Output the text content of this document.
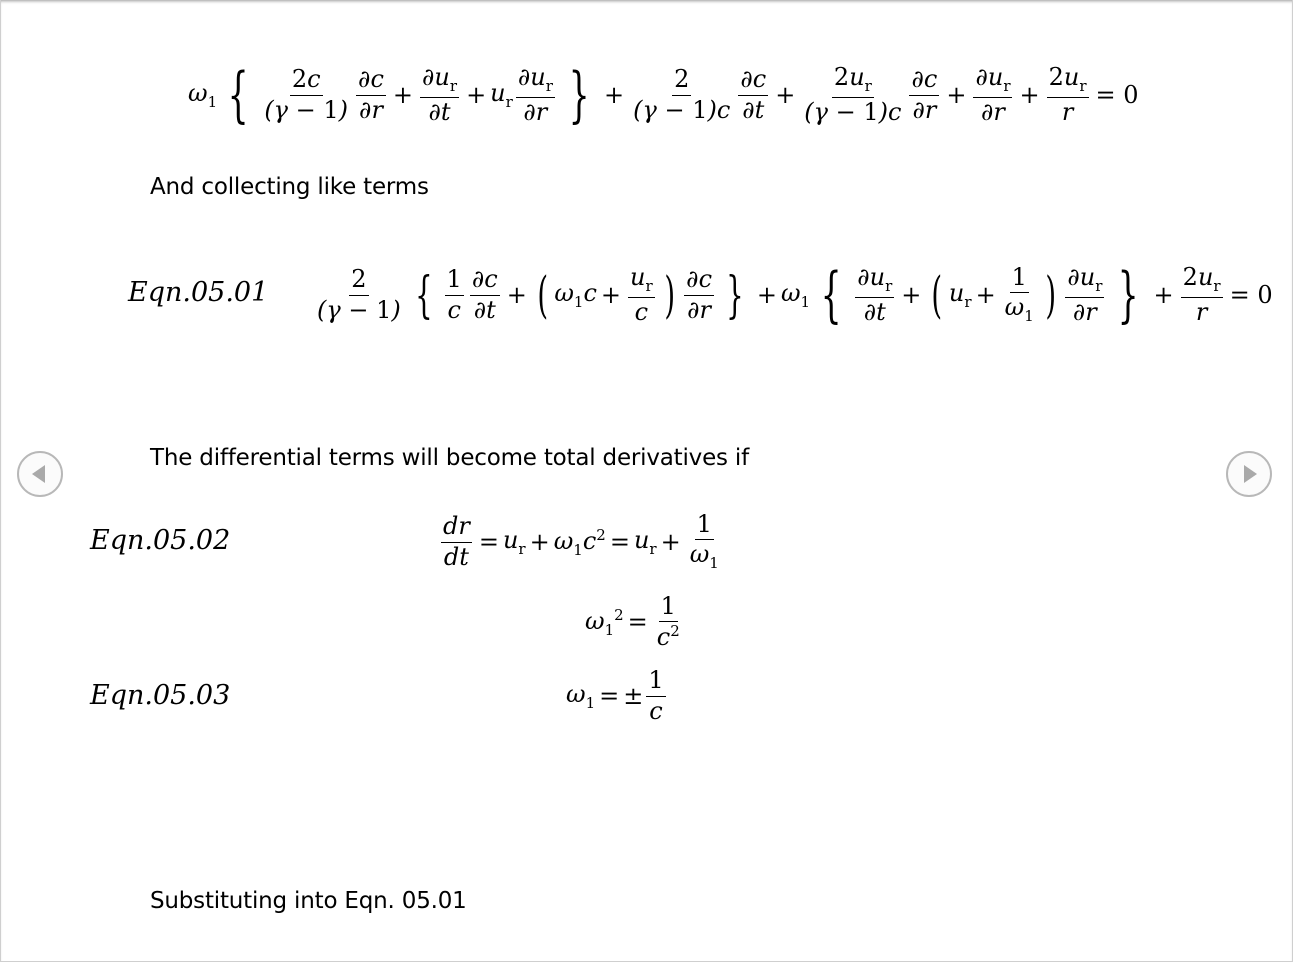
$\omega_1$ { $\frac{2c}{(\gamma - 1)} \frac{\partial c}{\partial r} + \frac{\partial u_r}{\partial t} + u_r \frac{\partial u_r}{\partial r}$ } + $\frac{2}{(\gamma - 1)c} \frac{\partial c}{\partial t} + \frac{2u_r}{(\gamma - 1)c} \frac{\partial c}{\partial r} + \frac{\partial u_r}{\partial r} + \frac{2u_r}{r} = 0$
And collecting like terms
$Eqn.05.01 \frac{2}{(\gamma - 1)}$ { $\frac{1}{c} \frac{\partial c}{\partial t}$ + ( $\omega_1c + \frac{u_r}{c}$ ) $\frac{\partial c}{\partial r}$ } + $\omega_1$ { $\frac{\partial u_r}{\partial t}$ + ( $u_r + \frac{1}{\omega_1}$ ) $\frac{\partial u_r}{\partial r}$ } + $\frac{2u_r}{r} = 0$
The differential terms will become total derivatives if
Eqn.05.02	$\frac{dr}{dt} = u_r + \omega_1c^2 = u_r + \frac{1}{\omega_1}$
$\omega_1^2 = \frac{1}{c^2}$
Eqn.05.03	$\omega_1$ = ± $\frac{1}{c}$
Substituting into Eqn. 05.01
